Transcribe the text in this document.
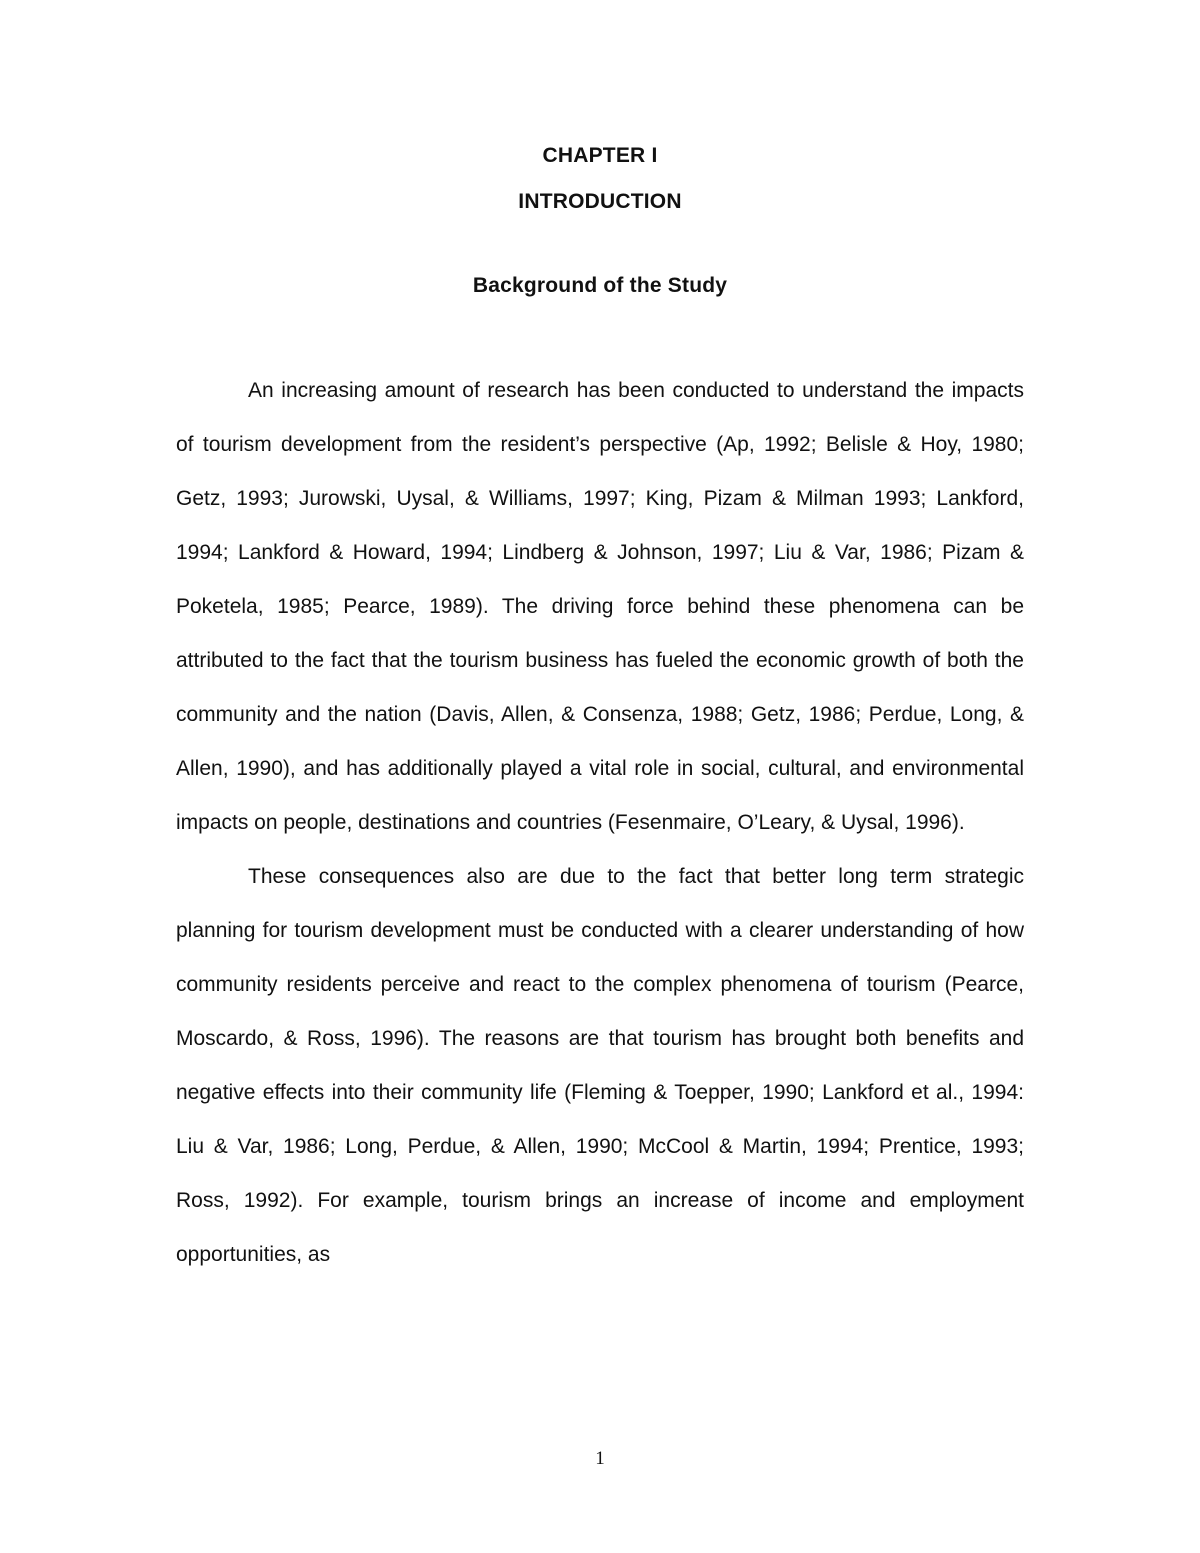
CHAPTER I
INTRODUCTION
Background of the Study

An increasing amount of research has been conducted to understand the impacts of tourism development from the resident’s perspective (Ap, 1992; Belisle & Hoy, 1980; Getz, 1993; Jurowski, Uysal, & Williams, 1997; King, Pizam & Milman 1993; Lankford, 1994; Lankford & Howard, 1994; Lindberg & Johnson, 1997; Liu & Var, 1986; Pizam & Poketela, 1985; Pearce, 1989). The driving force behind these phenomena can be attributed to the fact that the tourism business has fueled the economic growth of both the community and the nation (Davis, Allen, & Consenza, 1988; Getz, 1986; Perdue, Long, & Allen, 1990), and has additionally played a vital role in social, cultural, and environmental impacts on people, destinations and countries (Fesenmaire, O’Leary, & Uysal, 1996).

These consequences also are due to the fact that better long term strategic planning for tourism development must be conducted with a clearer understanding of how community residents perceive and react to the complex phenomena of tourism (Pearce, Moscardo, & Ross, 1996). The reasons are that tourism has brought both benefits and negative effects into their community life (Fleming & Toepper, 1990; Lankford et al., 1994: Liu & Var, 1986; Long, Perdue, & Allen, 1990; McCool & Martin, 1994; Prentice, 1993; Ross, 1992). For example, tourism brings an increase of income and employment opportunities, as

1
